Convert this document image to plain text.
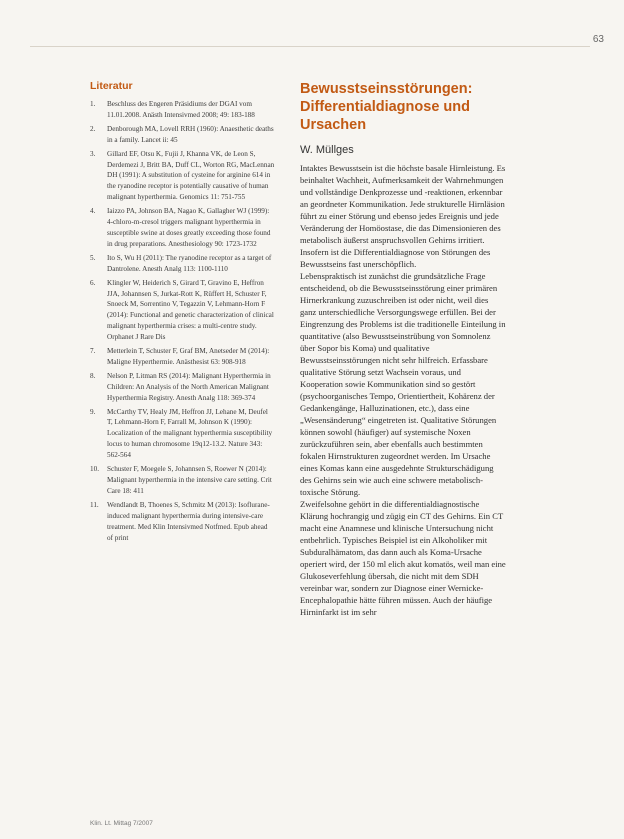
63
Literatur
1.	Beschluss des Engeren Präsidiums der DGAI vom 11.01.2008. Anästh Intensivmed 2008; 49: 183-188
2.	Denborough MA, Lovell RRH (1960): Anaesthetic deaths in a family. Lancet ii: 45
3.	Gillard EF, Otsu K, Fujii J, Khanna VK, de Leon S, Derdemezi J, Britt BA, Duff CL, Worton RG, MacLennan DH (1991): A substitution of cysteine for arginine 614 in the ryanodine receptor is potentially causative of human malignant hyperthermia. Genomics 11: 751-755
4.	Iaizzo PA, Johnson BA, Nagao K, Gallagher WJ (1999): 4-chloro-m-cresol triggers malignant hyperthermia in susceptible swine at doses greatly exceeding those found in drug preparations. Anesthesiology 90: 1723-1732
5.	Ito S, Wu H (2011): The ryanodine receptor as a target of Dantrolene. Anesth Analg 113: 1100-1110
6.	Klingler W, Heiderich S, Girard T, Gravino E, Heffron JJA, Johannsen S, Jurkat-Rott K, Rüffert H, Schuster F, Snoeck M, Sorrentino V, Tegazzin V, Lehmann-Horn F (2014): Functional and genetic characterization of clinical malignant hyperthermia crises: a multi-centre study. Orphanet J Rare Dis
7.	Metterlein T, Schuster F, Graf BM, Anetseder M (2014): Maligne Hyperthermie. Anästhesist 63: 908-918
8.	Nelson P, Litman RS (2014): Malignant Hyperthermia in Children: An Analysis of the North American Malignant Hyperthermia Registry. Anesth Analg 118: 369-374
9.	McCarthy TV, Healy JM, Heffron JJ, Lehane M, Deufel T, Lehmann-Horn F, Farrall M, Johnson K (1990): Localization of the malignant hyperthermia susceptibility locus to human chromosome 19q12-13.2. Nature 343: 562-564
10.	Schuster F, Moegele S, Johannsen S, Roewer N (2014): Malignant hyperthermia in the intensive care setting. Crit Care 18: 411
11.	Wendlandt B, Thoenes S, Schmitz M (2013): Isoflurane-induced malignant hyperthermia during intensive-care treatment. Med Klin Intensivmed Notfmed. Epub ahead of print
Bewusstseinsstörungen:
Differentialdiagnose und
Ursachen
W. Müllges

Intaktes Bewusstsein ist die höchste basale Hirnleistung. Es beinhaltet Wachheit, Aufmerksamkeit der Wahrnehmungen und vollständige Denkprozesse und -reaktionen, erkennbar an geordneter Kommunikation. Jede strukturelle Hirnläsion führt zu einer Störung und ebenso jedes Ereignis und jede Veränderung der Homöostase, die das Dimensionieren des metabolisch äußerst anspruchsvollen Gehirns irritiert. Insofern ist die Differentialdiagnose von Störungen des Bewusstseins fast unerschöpflich.

Lebenspraktisch ist zunächst die grundsätzliche Frage entscheidend, ob die Bewusstseinsstörung einer primären Hirnerkrankung zuzuschreiben ist oder nicht, weil dies ganz unterschiedliche Versorgungswege erfüllen. Bei der Eingrenzung des Problems ist die traditionelle Einteilung in quantitative (also Bewusstseinstrübung von Somnolenz über Sopor bis Koma) und qualitative Bewusstseinsstörungen nicht sehr hilfreich. Erfassbare qualitative Störung setzt Wachsein voraus, und Kooperation sowie Kommunikation sind so gestört (psychoorganisches Tempo, Orientiertheit, Kohärenz der Gedankengänge, Halluzinationen, etc.), dass eine „Wesensänderung“ eingetreten ist. Qualitative Störungen können sowohl (häufiger) auf systemische Noxen zurückzuführen sein, aber ebenfalls auch bestimmten fokalen Hirnstrukturen zugeordnet werden. Im Ursache eines Komas kann eine ausgedehnte Strukturschädigung des Gehirns sein wie auch eine schwere metabolisch-toxische Störung.

Zweifelsohne gehört in die differentialdiagnostische Klärung hochrangig und zügig ein CT des Gehirns. Ein CT macht eine Anamnese und klinische Untersuchung nicht entbehrlich. Typisches Beispiel ist ein Alkoholiker mit Subduralhämatom, das dann auch als Koma-Ursache operiert wird, der 150 ml elich akut komatös, weil man eine Glukoseverfehlung übersah, die nicht mit dem SDH vereinbar war, sondern zur Diagnose einer Wernicke-Encephalopathie hätte führen müssen. Auch der häufige Hirninfarkt ist im sehr

Klin. Lt. Mittag 7/2007
